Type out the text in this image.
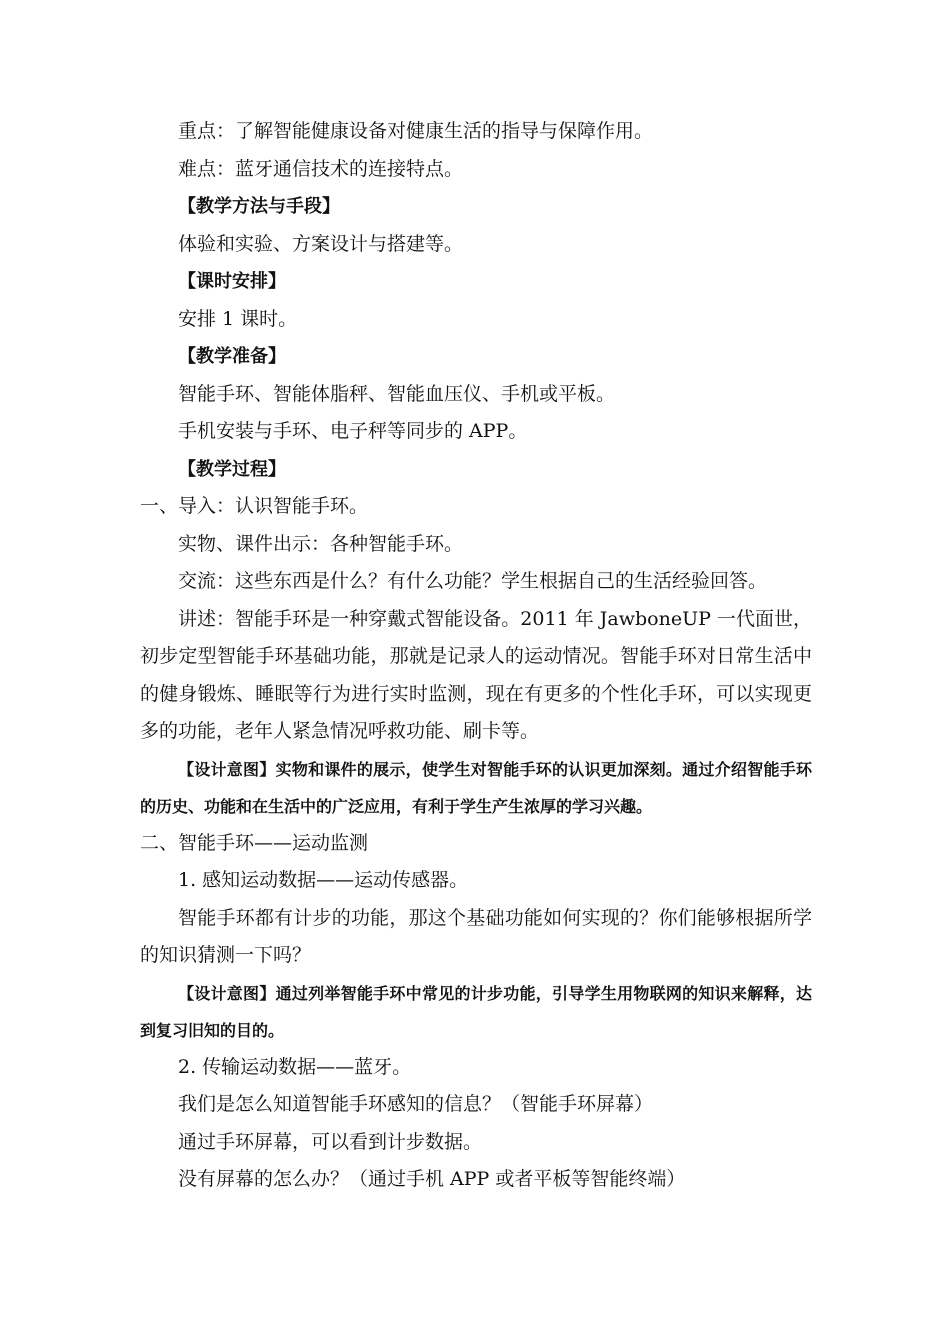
重点：了解智能健康设备对健康生活的指导与保障作用。

难点：蓝牙通信技术的连接特点。

【教学方法与手段】

体验和实验、方案设计与搭建等。

【课时安排】

安排 1 课时。

【教学准备】

智能手环、智能体脂秤、智能血压仪、手机或平板。

手机安装与手环、电子秤等同步的 APP。

【教学过程】

一、导入：认识智能手环。

实物、课件出示：各种智能手环。

交流：这些东西是什么？有什么功能？学生根据自己的生活经验回答。

讲述：智能手环是一种穿戴式智能设备。2011 年 JawboneUP 一代面世，初步定型智能手环基础功能，那就是记录人的运动情况。智能手环对日常生活中的健身锻炼、睡眠等行为进行实时监测，现在有更多的个性化手环，可以实现更多的功能，老年人紧急情况呼救功能、刷卡等。

【设计意图】实物和课件的展示，使学生对智能手环的认识更加深刻。通过介绍智能手环的历史、功能和在生活中的广泛应用，有利于学生产生浓厚的学习兴趣。

二、智能手环——运动监测

1. 感知运动数据——运动传感器。

智能手环都有计步的功能，那这个基础功能如何实现的？你们能够根据所学的知识猜测一下吗？

【设计意图】通过列举智能手环中常见的计步功能，引导学生用物联网的知识来解释，达到复习旧知的目的。

2. 传输运动数据——蓝牙。

我们是怎么知道智能手环感知的信息？（智能手环屏幕）

通过手环屏幕，可以看到计步数据。

没有屏幕的怎么办？（通过手机 APP 或者平板等智能终端）
